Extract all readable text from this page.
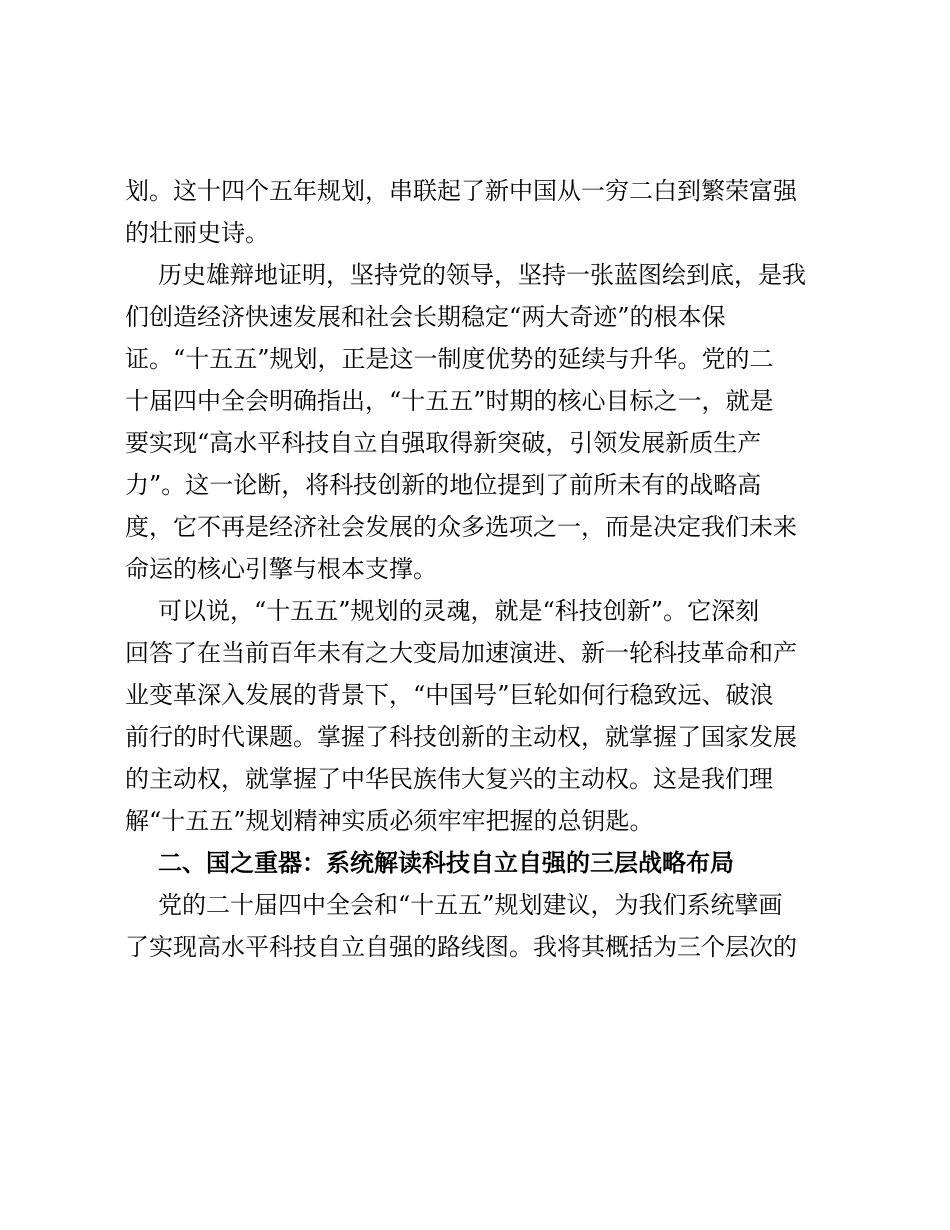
划。这十四个五年规划，串联起了新中国从一穷二白到繁荣富强
的壮丽史诗。
历史雄辩地证明，坚持党的领导，坚持一张蓝图绘到底，是我
们创造经济快速发展和社会长期稳定“两大奇迹”的根本保
证。“十五五”规划，正是这一制度优势的延续与升华。党的二
十届四中全会明确指出，“十五五”时期的核心目标之一，就是
要实现“高水平科技自立自强取得新突破，引领发展新质生产
力”。这一论断，将科技创新的地位提到了前所未有的战略高
度，它不再是经济社会发展的众多选项之一，而是决定我们未来
命运的核心引擎与根本支撑。
可以说，“十五五”规划的灵魂，就是“科技创新”。它深刻
回答了在当前百年未有之大变局加速演进、新一轮科技革命和产
业变革深入发展的背景下，“中国号”巨轮如何行稳致远、破浪
前行的时代课题。掌握了科技创新的主动权，就掌握了国家发展
的主动权，就掌握了中华民族伟大复兴的主动权。这是我们理
解“十五五”规划精神实质必须牢牢把握的总钥匙。
二、国之重器：系统解读科技自立自强的三层战略布局
党的二十届四中全会和“十五五”规划建议，为我们系统擘画
了实现高水平科技自立自强的路线图。我将其概括为三个层次的
